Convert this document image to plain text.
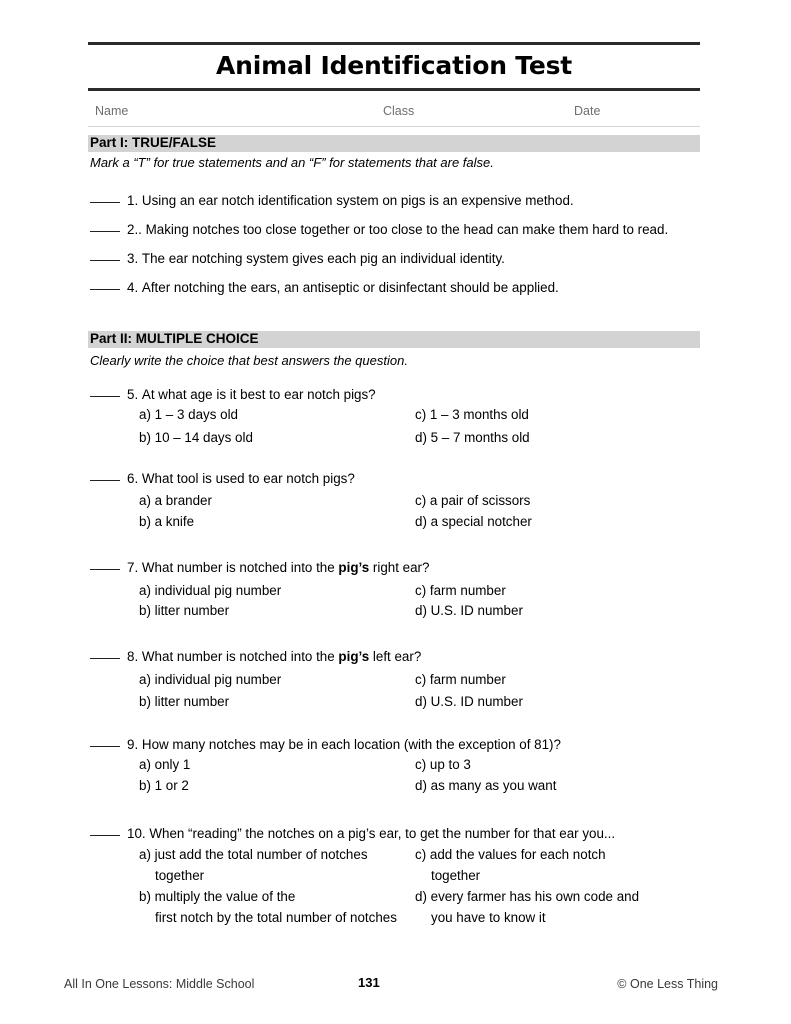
Animal Identification Test
Name	Class	Date
Part I: TRUE/FALSE
Mark a “T” for true statements and an “F” for statements that are false.
1. Using an ear notch identification system on pigs is an expensive method.
2.. Making notches too close together or too close to the head can make them hard to read.
3. The ear notching system gives each pig an individual identity.
4. After notching the ears, an antiseptic or disinfectant should be applied.
Part II: MULTIPLE CHOICE
Clearly write the choice that best answers the question.
5. At what age is it best to ear notch pigs?
a) 1 – 3 days old	c) 1 – 3 months old
b) 10 – 14 days old	d) 5 – 7 months old
6. What tool is used to ear notch pigs?
a) a brander	c) a pair of scissors
b) a knife	d) a special notcher
7. What number is notched into the pig’s right ear?
a) individual pig number	c) farm number
b) litter number	d) U.S. ID number
8. What number is notched into the pig’s left ear?
a) individual pig number	c) farm number
b) litter number	d) U.S. ID number
9. How many notches may be in each location (with the exception of 81)?
a) only 1	c) up to 3
b) 1 or 2	d) as many as you want
10. When “reading” the notches on a pig’s ear, to get the number for that ear you...
a) just add the total number of notches	c) add the values for each notch
together	together
b) multiply the value of the	d) every farmer has his own code and
first notch by the total number of notches	you have to know it
All In One Lessons: Middle School	131	© One Less Thing
